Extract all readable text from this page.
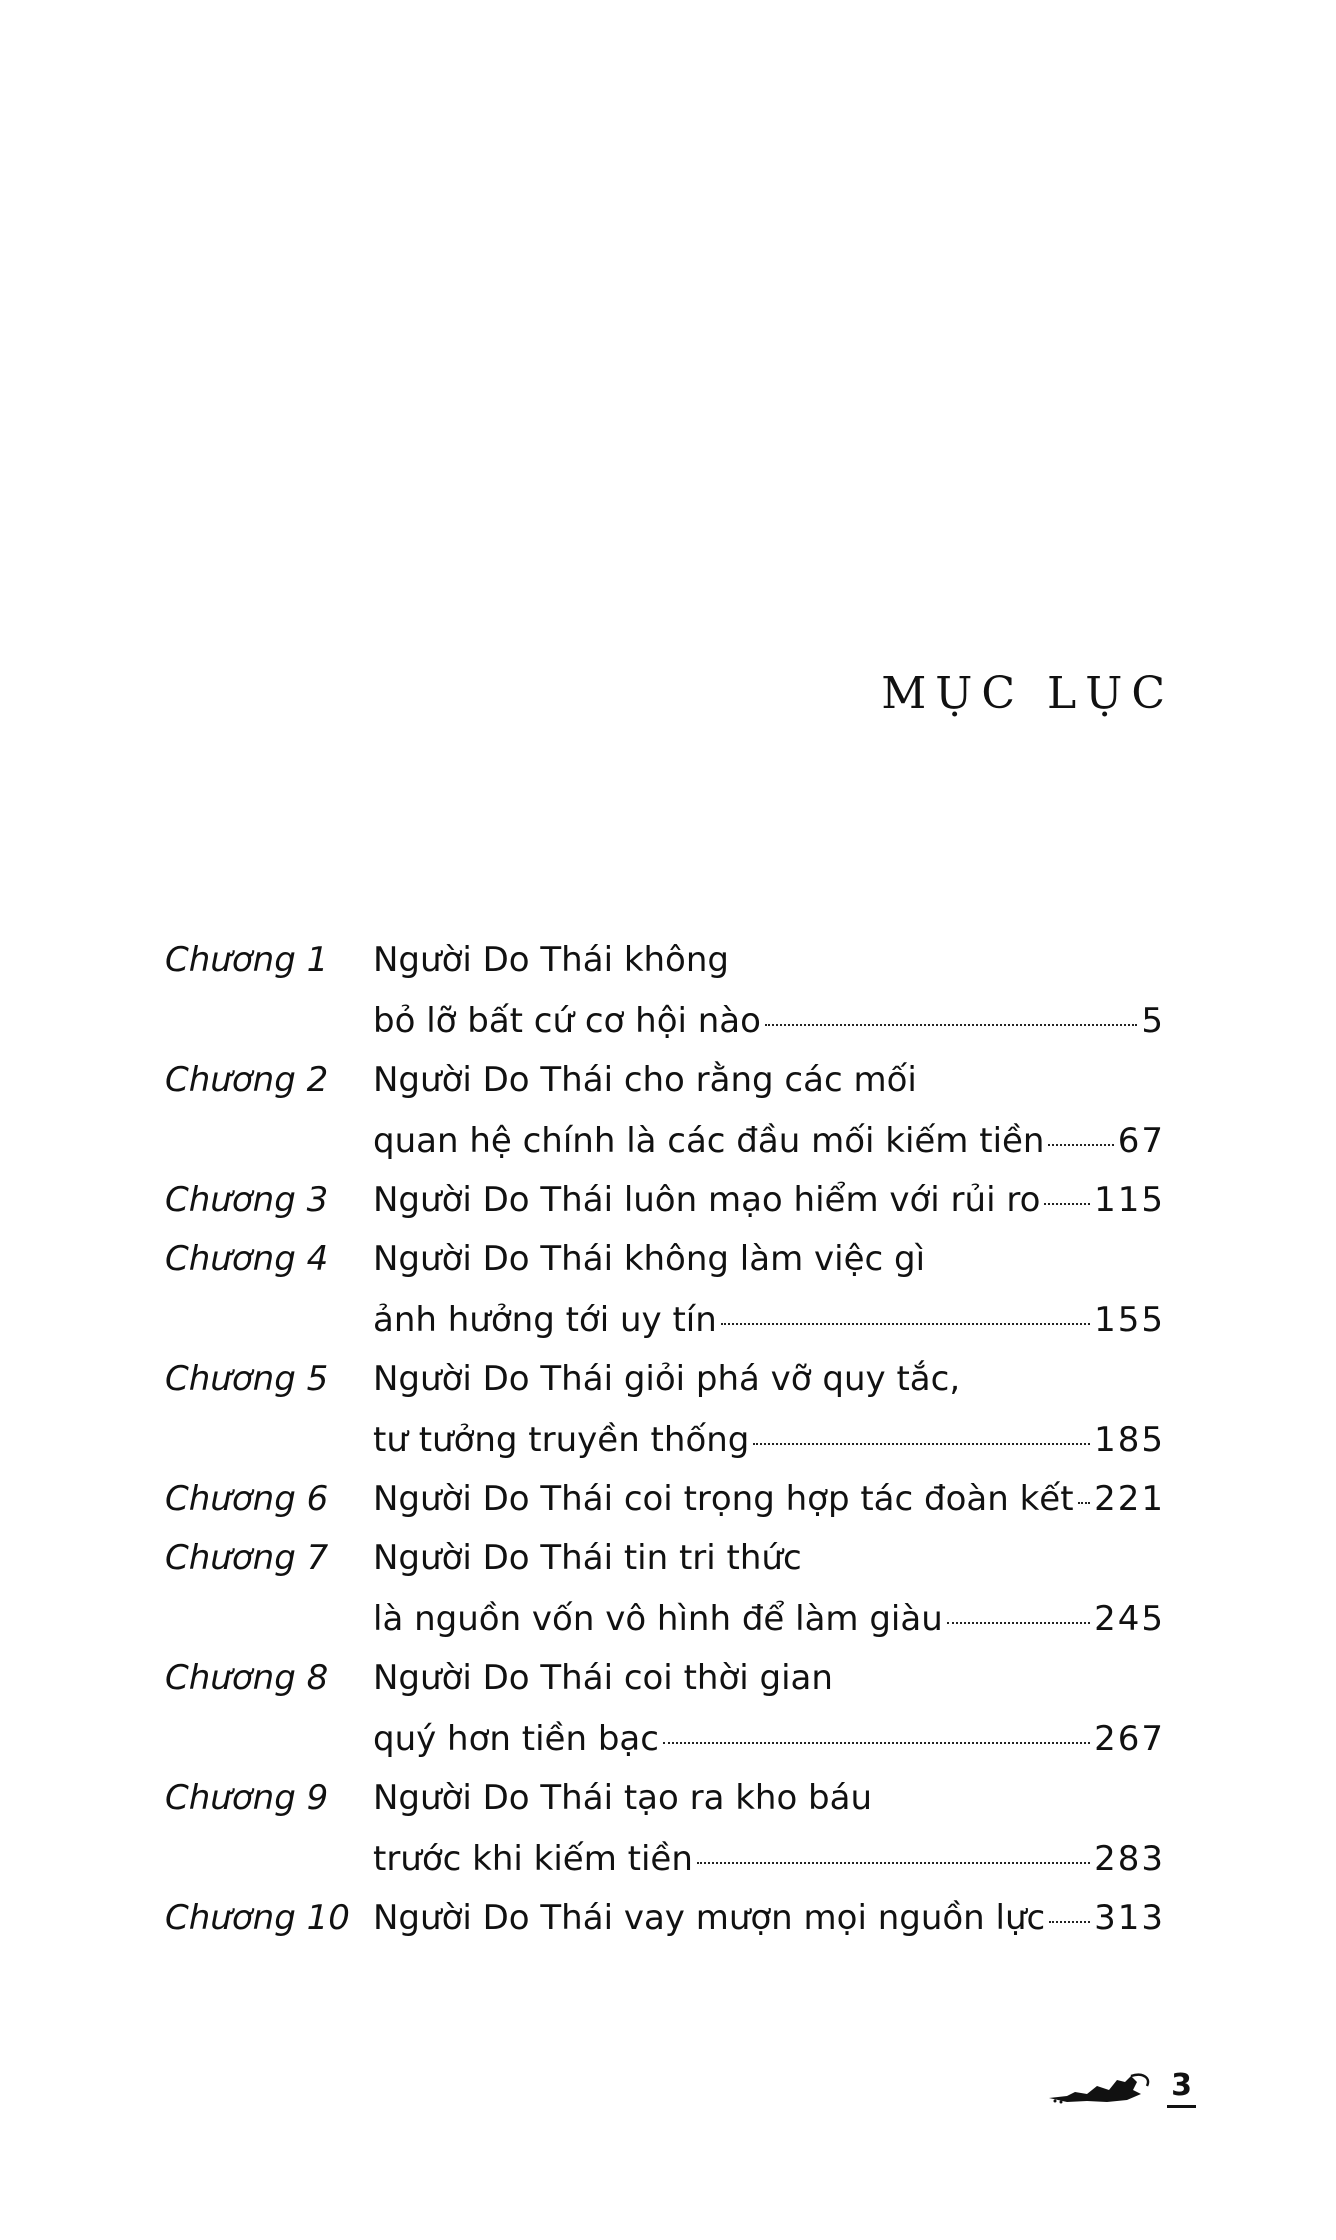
MỤC LỤC
Chương 1 Người Do Thái không
bỏ lỡ bất cứ cơ hội nào	5
Chương 2 Người Do Thái cho rằng các mối
quan hệ chính là các đầu mối kiếm tiền 67
Chương 3 Người Do Thái luôn mạo hiểm với rủi ro 115
Chương 4 Người Do Thái không làm việc gì
ảnh hưởng tới uy tín	155
Chương 5 Người Do Thái giỏi phá vỡ quy tắc,
tư tưởng truyền thống	185
Chương 6 Người Do Thái coi trọng hợp tác đoàn kết 221
Chương 7 Người Do Thái tin tri thức
là nguồn vốn vô hình để làm giàu	245
Chương 8 Người Do Thái coi thời gian
quý hơn tiền bạc	267
Chương 9 Người Do Thái tạo ra kho báu
trước khi kiếm tiền	283
Chương 10 Người Do Thái vay mượn mọi nguồn lực 313
3
